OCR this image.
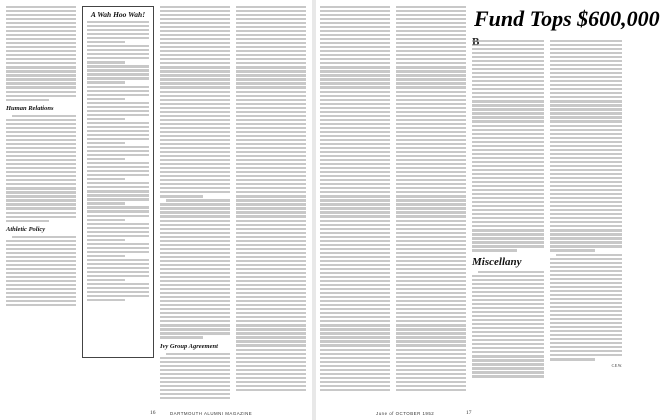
Human Relations
Athletic Policy
A Wah Hoo Wah!
Ivy Group Agreement
16	DARTMOUTH ALUMNI MAGAZINE
Fund Tops $600,000
Miscellany
C.E.W.
June of OCTOBER 1952	17
